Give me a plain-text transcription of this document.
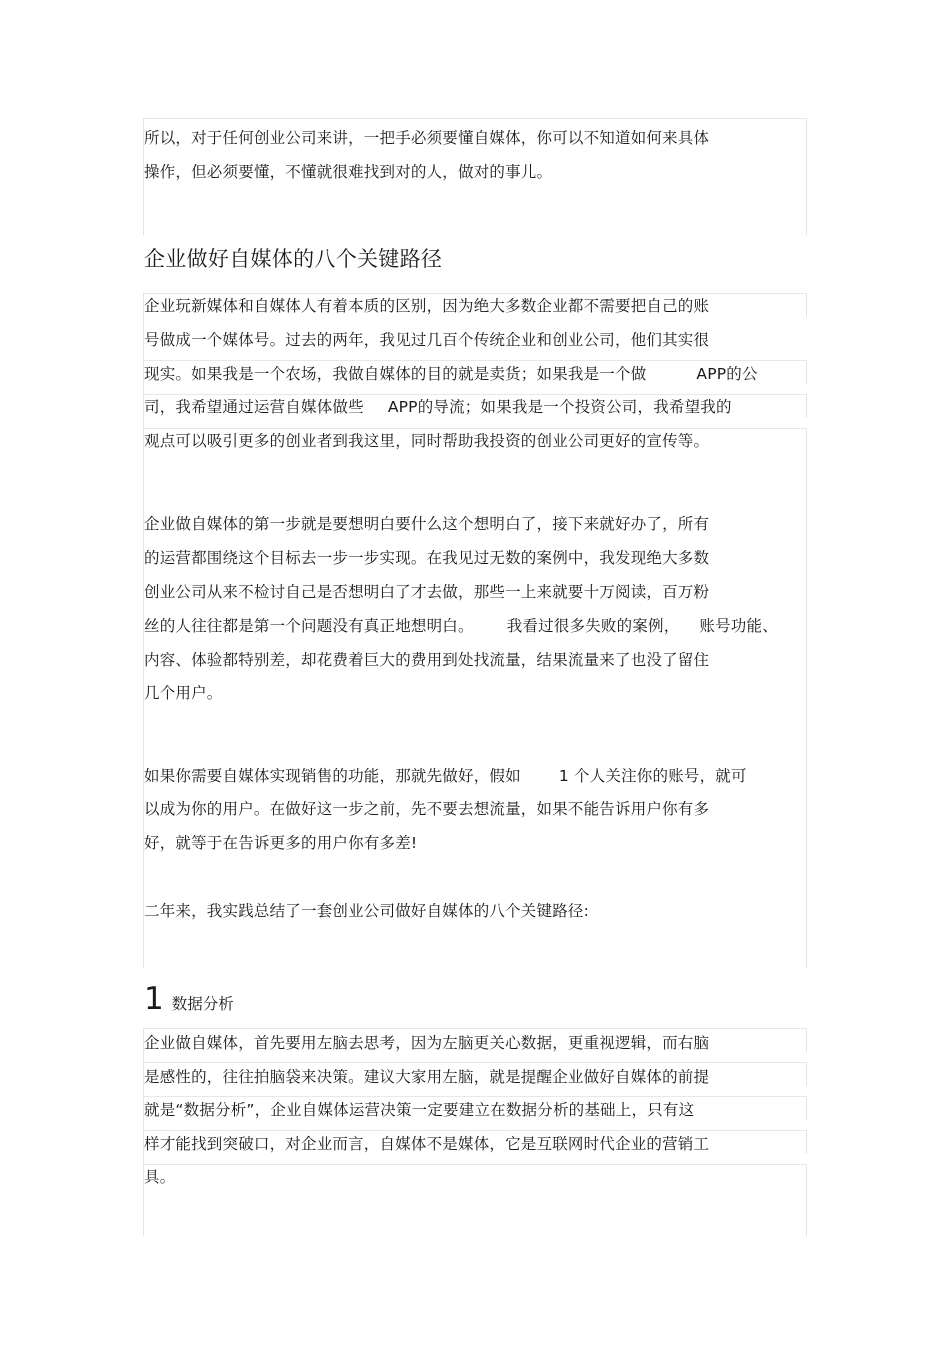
所以，对于任何创业公司来讲，一把手必须要懂自媒体，你可以不知道如何来具体
操作，但必须要懂，不懂就很难找到对的人，做对的事儿。
企业做好自媒体的八个关键路径
企业玩新媒体和自媒体人有着本质的区别，因为绝大多数企业都不需要把自己的账
号做成一个媒体号。过去的两年，我见过几百个传统企业和创业公司，他们其实很
现实。如果我是一个农场，我做自媒体的目的就是卖货；如果我是一个做	APP的公
司，我希望通过运营自媒体做些 APP的导流；如果我是一个投资公司，我希望我的
观点可以吸引更多的创业者到我这里，同时帮助我投资的创业公司更好的宣传等。
企业做自媒体的第一步就是要想明白要什么这个想明白了，接下来就好办了，所有
的运营都围绕这个目标去一步一步实现。在我见过无数的案例中，我发现绝大多数
创业公司从来不检讨自己是否想明白了才去做，那些一上来就要十万阅读，百万粉
丝的人往往都是第一个问题没有真正地想明白。 我看过很多失败的案例， 账号功能、
内容、体验都特别差，却花费着巨大的费用到处找流量，结果流量来了也没了留住
几个用户。
如果你需要自媒体实现销售的功能，那就先做好，假如 1 个人关注你的账号，就可
以成为你的用户。在做好这一步之前，先不要去想流量，如果不能告诉用户你有多
好，就等于在告诉更多的用户你有多差!
二年来，我实践总结了一套创业公司做好自媒体的八个关键路径:
1 数据分析
企业做自媒体，首先要用左脑去思考，因为左脑更关心数据，更重视逻辑，而右脑
是感性的，往往拍脑袋来决策。建议大家用左脑，就是提醒企业做好自媒体的前提
就是“数据分析”，企业自媒体运营决策一定要建立在数据分析的基础上，只有这
样才能找到突破口，对企业而言，自媒体不是媒体，它是互联网时代企业的营销工
具。
